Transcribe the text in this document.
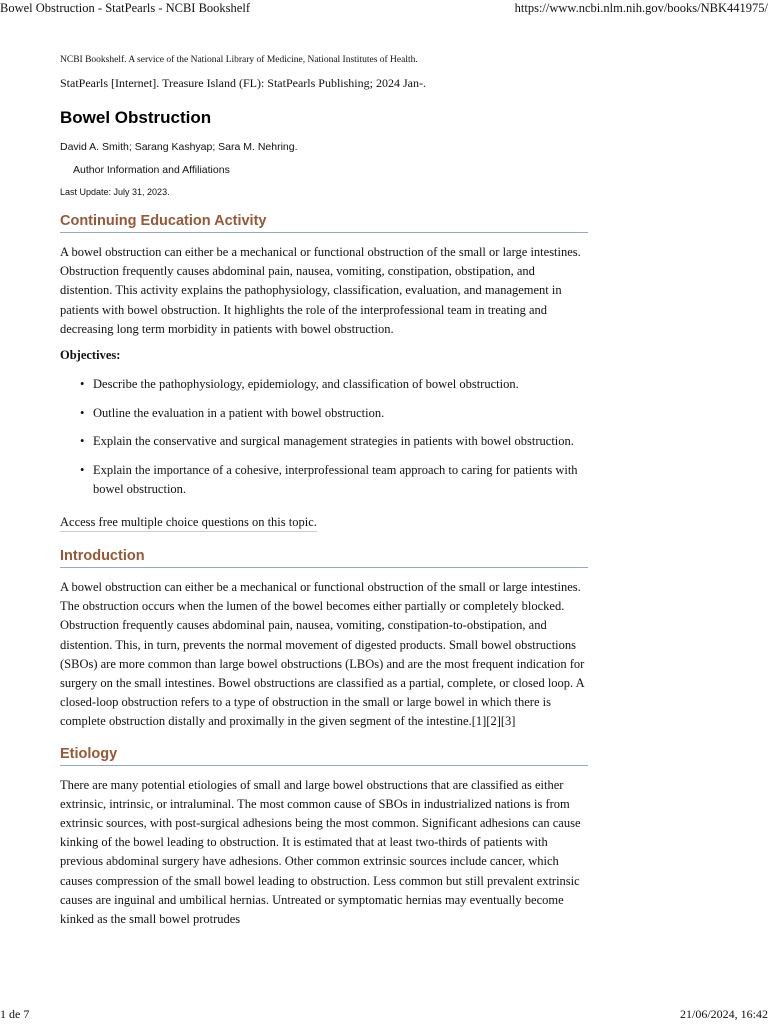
Bowel Obstruction - StatPearls - NCBI Bookshelf	https://www.ncbi.nlm.nih.gov/books/NBK441975/

NCBI Bookshelf. A service of the National Library of Medicine, National Institutes of Health.

StatPearls [Internet]. Treasure Island (FL): StatPearls Publishing; 2024 Jan-.

Bowel Obstruction

David A. Smith; Sarang Kashyap; Sara M. Nehring.

Author Information and Affiliations

Last Update: July 31, 2023.

Continuing Education Activity

A bowel obstruction can either be a mechanical or functional obstruction of the small or large intestines. Obstruction frequently causes abdominal pain, nausea, vomiting, constipation, obstipation, and distention. This activity explains the pathophysiology, classification, evaluation, and management in patients with bowel obstruction. It highlights the role of the interprofessional team in treating and decreasing long term morbidity in patients with bowel obstruction.

Objectives:

• Describe the pathophysiology, epidemiology, and classification of bowel obstruction.
• Outline the evaluation in a patient with bowel obstruction.
• Explain the conservative and surgical management strategies in patients with bowel obstruction.
• Explain the importance of a cohesive, interprofessional team approach to caring for patients with bowel obstruction.
Access free multiple choice questions on this topic.
Introduction

A bowel obstruction can either be a mechanical or functional obstruction of the small or large intestines. The obstruction occurs when the lumen of the bowel becomes either partially or completely blocked. Obstruction frequently causes abdominal pain, nausea, vomiting, constipation-to-obstipation, and distention. This, in turn, prevents the normal movement of digested products. Small bowel obstructions (SBOs) are more common than large bowel obstructions (LBOs) and are the most frequent indication for surgery on the small intestines. Bowel obstructions are classified as a partial, complete, or closed loop. A closed-loop obstruction refers to a type of obstruction in the small or large bowel in which there is complete obstruction distally and proximally in the given segment of the intestine.[1][2][3]

Etiology

There are many potential etiologies of small and large bowel obstructions that are classified as either extrinsic, intrinsic, or intraluminal. The most common cause of SBOs in industrialized nations is from extrinsic sources, with post-surgical adhesions being the most common. Significant adhesions can cause kinking of the bowel leading to obstruction. It is estimated that at least two-thirds of patients with previous abdominal surgery have adhesions. Other common extrinsic sources include cancer, which causes compression of the small bowel leading to obstruction. Less common but still prevalent extrinsic causes are inguinal and umbilical hernias. Untreated or symptomatic hernias may eventually become kinked as the small bowel protrudes

1 de 7	21/06/2024, 16:42
